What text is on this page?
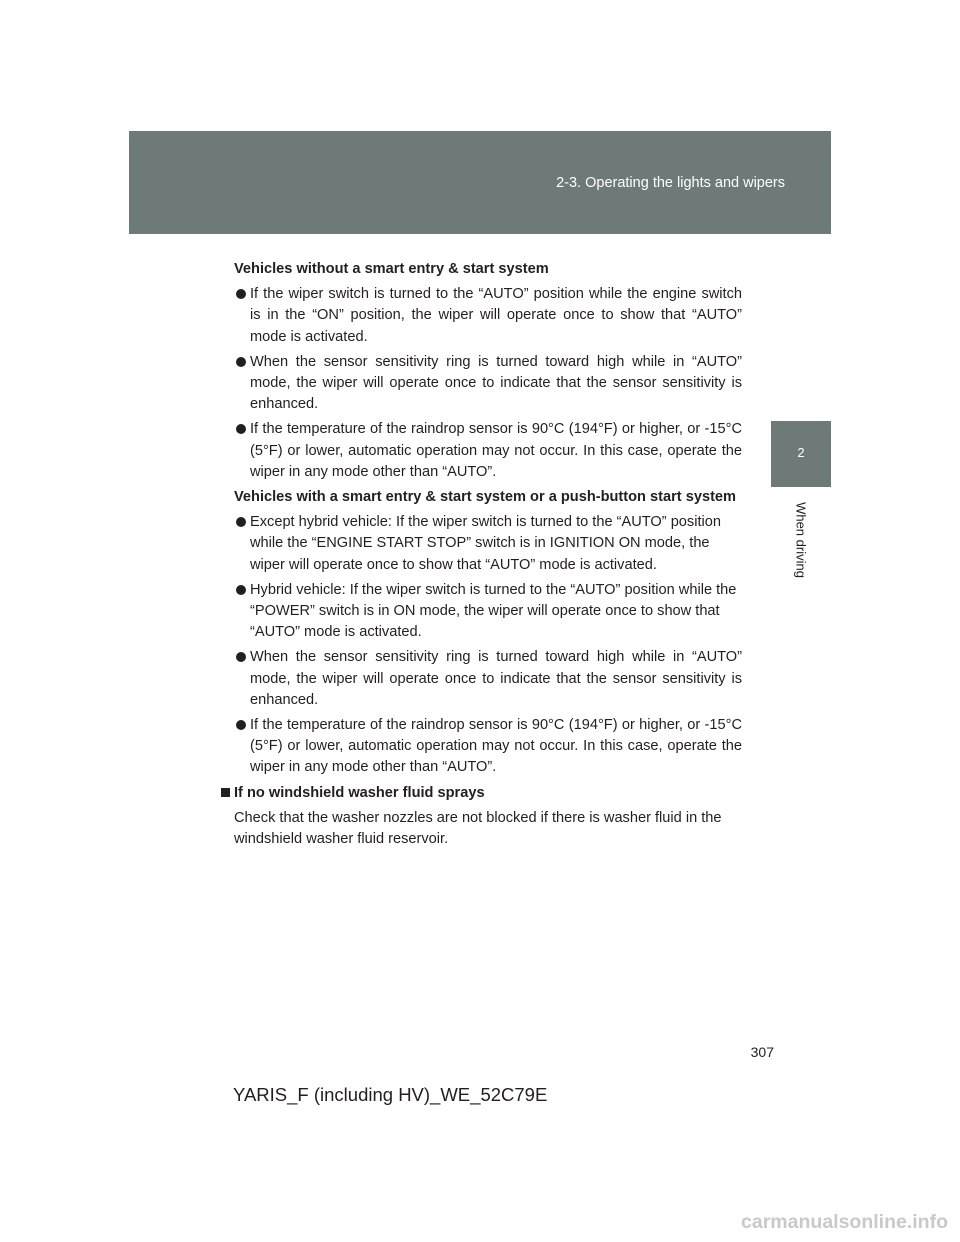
2-3. Operating the lights and wipers
2
When driving
Vehicles without a smart entry & start system
If the wiper switch is turned to the “AUTO” position while the engine switch is in the “ON” position, the wiper will operate once to show that “AUTO” mode is activated.
When the sensor sensitivity ring is turned toward high while in “AUTO” mode, the wiper will operate once to indicate that the sensor sensitivity is enhanced.
If the temperature of the raindrop sensor is 90°C (194°F) or higher, or -15°C (5°F) or lower, automatic operation may not occur. In this case, operate the wiper in any mode other than “AUTO”.
Vehicles with a smart entry & start system or a push-button start system
Except hybrid vehicle: If the wiper switch is turned to the “AUTO” position while the “ENGINE START STOP” switch is in IGNITION ON mode, the wiper will operate once to show that “AUTO” mode is activated.
Hybrid vehicle: If the wiper switch is turned to the “AUTO” position while the “POWER” switch is in ON mode, the wiper will operate once to show that “AUTO” mode is activated.
When the sensor sensitivity ring is turned toward high while in “AUTO” mode, the wiper will operate once to indicate that the sensor sensitivity is enhanced.
If the temperature of the raindrop sensor is 90°C (194°F) or higher, or -15°C (5°F) or lower, automatic operation may not occur. In this case, operate the wiper in any mode other than “AUTO”.
If no windshield washer fluid sprays
Check that the washer nozzles are not blocked if there is washer fluid in the windshield washer fluid reservoir.
307
YARIS_F (including HV)_WE_52C79E
carmanualsonline.info
